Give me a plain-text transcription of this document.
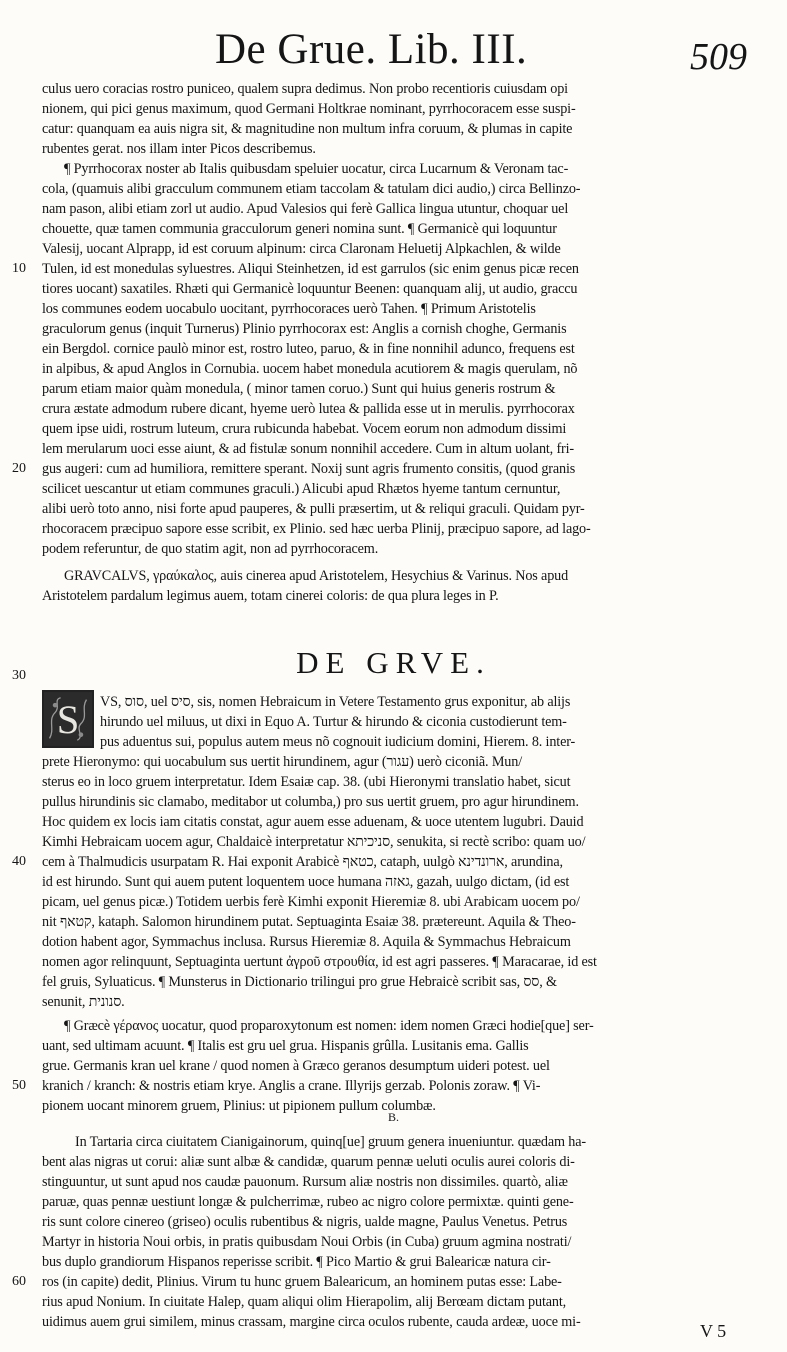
De Grue. Lib. III.	509
culus uero coracias rostro puniceo, qualem supra dedimus. Non probo recentioris cuiusdam opi
nionem, qui pici genus maximum, quod Germani Holtkrae nominant, pyrrhocoracem esse suspi-
catur: quanquam ea auis nigra sit, & magnitudine non multum infra coruum, & plumas in capite
rubentes gerat. nos illam inter Picos describemus.
¶ Pyrrhocorax noster ab Italis quibusdam speluier uocatur, circa Lucarnum & Veronam tac-
cola, (quamuis alibi gracculum communem etiam taccolam & tatulam dici audio,) circa Bellinzo-
nam pason, alibi etiam zorl ut audio. Apud Valesios qui ferè Gallica lingua utuntur, choquar uel
chouette, quæ tamen communia gracculorum generi nomina sunt. ¶ Germanicè qui loquuntur
Valesij, uocant Alprapp, id est coruum alpinum: circa Claronam Heluetij Alpkachlen, & wilde
Tulen, id est monedulas syluestres. Aliqui Steinhetzen, id est garrulos (sic enim genus picæ recen
tiores uocant) saxatiles. Rhæti qui Germanicè loquuntur Beenen: quanquam alij, ut audio, graccu
los communes eodem uocabulo uocitant, pyrrhocoraces uerò Tahen. ¶ Primum Aristotelis
graculorum genus (inquit Turnerus) Plinio pyrrhocorax est: Anglis a cornish choghe, Germanis
ein Bergdol. cornice paulò minor est, rostro luteo, paruo, & in fine nonnihil adunco, frequens est
in alpibus, & apud Anglos in Cornubia. uocem habet monedula acutiorem & magis querulam, nõ
parum etiam maior quàm monedula, ( minor tamen coruo.) Sunt qui huius generis rostrum &
crura æstate admodum rubere dicant, hyeme uerò lutea & pallida esse ut in merulis. pyrrhocorax
quem ipse uidi, rostrum luteum, crura rubicunda habebat. Vocem eorum non admodum dissimi
lem merularum uoci esse aiunt, & ad fistulæ sonum nonnihil accedere. Cum in altum uolant, fri-
gus augeri: cum ad humiliora, remittere sperant. Noxij sunt agris frumento consitis, (quod granis
scilicet uescantur ut etiam communes graculi.) Alicubi apud Rhætos hyeme tantum cernuntur,
alibi uerò toto anno, nisi forte apud pauperes, & pulli præsertim, ut & reliqui graculi. Quidam pyr-
rhocoracem præcipuo sapore esse scribit, ex Plinio. sed hæc uerba Plinij, præcipuo sapore, ad lago-
podem referuntur, de quo statim agit, non ad pyrrhocoracem.
GRAVCALVS, γραύκαλος, auis cinerea apud Aristotelem, Hesychius & Varinus. Nos apud
Aristotelem pardalum legimus auem, totam cinerei coloris: de qua plura leges in P.
VS, סוס, uel סיס, sis, nomen Hebraicum in Vetere Testamento grus exponitur, ab alijs
hirundo uel miluus, ut dixi in Equo A. Turtur & hirundo & ciconia custodierunt tem-
pus aduentus sui, populus autem meus nõ cognouit iudicium domini, Hierem. 8. inter-
prete Hieronymo: qui uocabulum sus uertit hirundinem, agur (עגור) uerò ciconiã. Mun/
sterus eo in loco gruem interpretatur. Idem Esaiæ cap. 38. (ubi Hieronymi translatio habet, sicut
pullus hirundinis sic clamabo, meditabor ut columba,) pro sus uertit gruem, pro agur hirundinem.
Hoc quidem ex locis iam citatis constat, agur auem esse aduenam, & uoce utentem lugubri. Dauid
Kimhi Hebraicam uocem agur, Chaldaicè interpretatur סניכיתא, senukita, si rectè scribo: quam uo/
cem à Thalmudicis usurpatam R. Hai exponit Arabicè כטאף, cataph, uulgò ארונדינא, arundina,
id est hirundo. Sunt qui auem putent loquentem uoce humana גאזה, gazah, uulgo dictam, (id est
picam, uel genus picæ.) Totidem uerbis ferè Kimhi exponit Hieremiæ 8. ubi Arabicam uocem po/
nit קטאף, kataph. Salomon hirundinem putat. Septuaginta Esaiæ 38. prætereunt. Aquila & Theo-
dotion habent agor, Symmachus inclusa. Rursus Hieremiæ 8. Aquila & Symmachus Hebraicum
nomen agor relinquunt, Septuaginta uertunt ἀγροῦ στρουθία, id est agri passeres. ¶ Maracarae, id est
fel gruis, Syluaticus. ¶ Munsterus in Dictionario trilingui pro grue Hebraicè scribit sas, סס, &
senunit, סנונית.
¶ Græcè γέρανος uocatur, quod proparoxytonum est nomen: idem nomen Græci hodie[que] ser-
uant, sed ultimam acuunt. ¶ Italis est gru uel grua. Hispanis grûlla. Lusitanis ema. Gallis
grue. Germanis kran uel krane / quod nomen à Græco geranos desumptum uideri potest. uel
kranich / kranch: & nostris etiam krye. Anglis a crane. Illyrijs gerzab. Polonis zoraw. ¶ Vi-
pionem uocant minorem gruem, Plinius: ut pipionem pullum columbæ.
In Tartaria circa ciuitatem Cianigainorum, quinq[ue] gruum genera inueniuntur. quædam ha-
bent alas nigras ut corui: aliæ sunt albæ & candidæ, quarum pennæ ueluti oculis aurei coloris di-
stinguuntur, ut sunt apud nos caudæ pauonum. Rursum aliæ nostris non dissimiles. quartò, aliæ
paruæ, quas pennæ uestiunt longæ & pulcherrimæ, rubeo ac nigro colore permixtæ. quinti gene-
ris sunt colore cinereo (griseo) oculis rubentibus & nigris, ualde magne, Paulus Venetus. Petrus
Martyr in historia Noui orbis, in pratis quibusdam Noui Orbis (in Cuba) gruum agmina nostrati/
bus duplo grandiorum Hispanos reperisse scribit. ¶ Pico Martio & grui Balearicæ natura cir-
ros (in capite) dedit, Plinius. Virum tu hunc gruem Balearicum, an hominem putas esse: Labe-
rius apud Nonium. In ciuitate Halep, quam aliqui olim Hierapolim, alij Berœam dictam putant,
uidimus auem grui similem, minus crassam, margine circa oculos rubente, cauda ardeæ, uoce mi-
10
20
30
40
50
60
DE GRVE.
S
B.
V 5
